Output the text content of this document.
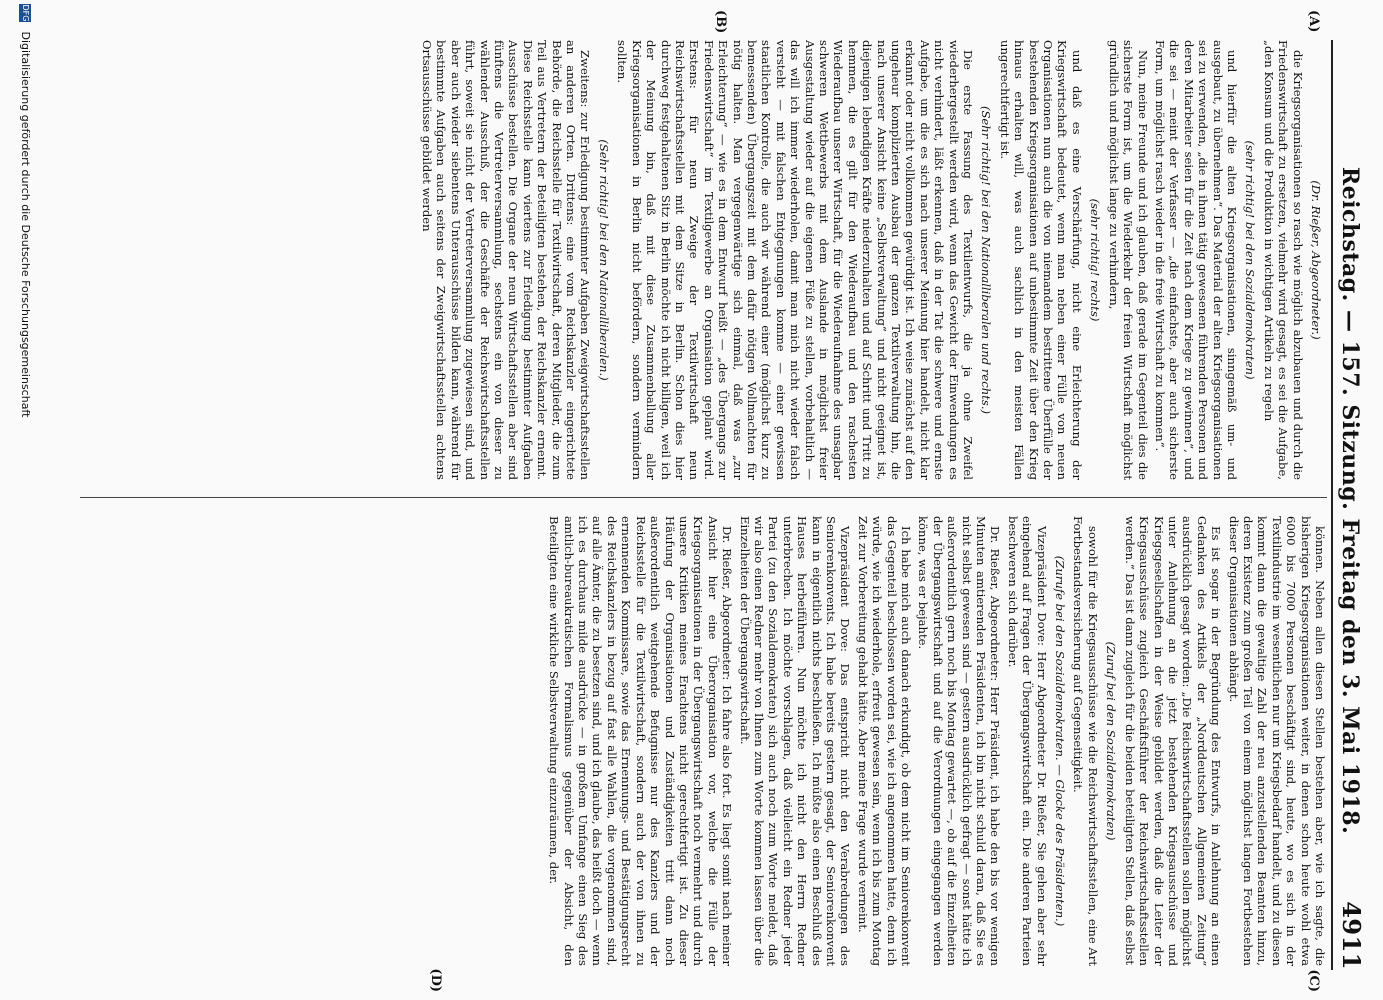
Reichstag. — 157. Sitzung. Freitag den 3. Mai 1918.
4911
(A)
(B)
(C)
(D)

(Dr. Rießer, Abgeordneter.)

die Kriegsorganisationen so rasch wie möglich abzubauen und durch die Friedenswirtschaft zu ersetzen, vielmehr wird gesagt, es sei die Aufgabe, „den Konsum und die Produktion in wichtigen Artikeln zu regeln

(sehr richtig! bei den Sozialdemokraten)

und hierfür die alten Kriegsorganisationen, sinngemäß um- und ausgebaut, zu übernehmen“. Das Material der alten Kriegsorganisationen sei zu verwenden, „die in ihnen tätig gewesenen führenden Personen und deren Mitarbeiter seien für die Zeit nach dem Kriege zu gewinnen“, und die sei — meint der Verfasser — „die einfachste, aber auch sicherste Form, um möglichst rasch wieder in die freie Wirtschaft zu kommen“.

Nun, meine Freunde und ich glauben, daß gerade im Gegenteil dies die sicherste Form ist, um die Wiederkehr der freien Wirtschaft möglichst gründlich und möglichst lange zu verhindern,

(sehr richtig! rechts)

und daß es eine Verschärfung, nicht eine Erleichterung der Kriegswirtschaft bedeutet, wenn man neben einer Fülle von neuen Organisationen nun auch die von niemandem bestrittene Überfülle der bestehenden Kriegsorganisationen auf unbestimmte Zeit über den Krieg hinaus erhalten will, was auch sachlich in den meisten Fällen ungerechtfertigt ist.

(Sehr richtig! bei den Nationalliberalen und rechts.)

Die erste Fassung des Textilentwurfs, die ja ohne Zweifel wiederhergestellt werden wird, wenn das Gewicht der Einwendungen es nicht verhindert, läßt erkennen, daß in der Tat die schwere und ernste Aufgabe, um die es sich nach unserer Meinung hier handelt, nicht klar erkannt oder nicht vollkommen gewürdigt ist. Ich weise zunächst auf den ungeheur komplizierten Ausbau der ganzen Textilverwaltung hin, die nach unserer Ansicht keine „Selbstverwaltung“ und nicht geeignet ist, diejenigen lebendigen Kräfte niederzuhalten und auf Schritt und Tritt zu hemmen, die es gilt für den Wiederaufbau und den raschesten Wiederaufbau unserer Wirtschaft, für die Wiederaufnahme des unsagbar schweren Wettbewerbs mit dem Auslande in möglichst freier Ausgestaltung wieder auf die eigenen Füße zu stellen, vorbehaltlich — das will ich immer wiederholen, damit man mich nicht wieder falsch versteht — mit falschen Entgegnungen komme — einer gewissen staatlichen Kontrolle, die auch wir während einer (möglichst kurz zu bemessenden) Übergangszeit mit dem dafür nötigen Vollmachten für nötig halten. Man vergegenwärtige sich einmal, daß was „zur Erleichterung“ — wie es in dem Entwurf heißt — „des Übergangs zur Friedenswirtschaft“ im Textilgewerbe an Organisation geplant wird. Erstens: für neun Zweige der Textilwirtschaft neun Reichswirtschaftsstellen mit dem Sitze in Berlin. Schon dies hier durchweg festgehaltenen Sitz in Berlin möchte ich nicht billigen, weil ich der Meinung bin, daß mit diese Zusammenballung aller Kriegsorganisationen in Berlin nicht befördern, sondern vermindern sollten.

(Sehr richtig! bei den Nationalliberalen.)

Zweitens: zur Erledigung bestimmter Aufgaben Zweigwirtschaftsstellen an anderen Orten. Drittens: eine vom Reichskanzler eingerichtete Behörde, die Reichsstelle für Textilwirtschaft, deren Mitglieder, die zum Teil aus Vertretern der Beteiligten bestehen, der Reichskanzler ernennt. Diese Reichsstelle kann viertens zur Erledigung bestimmter Aufgaben Ausschüsse bestellen. Die Organe der neun Wirtschaftsstellen aber sind fünftens die Vertreterversammlung, sechstens ein von dieser zu wählender Ausschuß, der die Geschäfte der Reichswirtschaftsstellen führt, soweit sie nicht der Vertreterversammlung zugewiesen sind, und aber auch wieder siebentens Unterausschüsse bilden kann, während für bestimmte Aufgaben auch seitens der Zweigwirtschaftsstellen achtens Ortsausschüsse gebildet werden

können. Neben allen diesen Stellen bestehen aber, wie ich sagte, die bisherigen Kriegsorganisationen weiter, in denen schon heute wohl etwa 6000 bis 7000 Personen beschäftigt sind, heute, wo es sich in der Textilindustrie im wesentlichen nur um Kriegsbedarf handelt, und zu diesen kommt dann die gewaltige Zahl der neu anzustellenden Beamten hinzu, deren Existenz zum großen Teil von einem möglichst langen Fortbestehen dieser Organisationen abhängt.

Es ist sogar in der Begründung des Entwurfs, in Anlehnung an einen Gedanken des Artikels der „Norddeutschen Allgemeinen Zeitung“ ausdrücklich gesagt worden: „Die Reichswirtschaftsstellen sollen möglichst unter Anlehnung an die jetzt bestehenden Kriegsausschüsse und Kriegsgesellschaften in der Weise gebildet werden, daß die Leiter der Kriegsausschüsse zugleich Geschäftsführer der Reichswirtschaftsstellen werden.“ Das ist dann zugleich für die beiden beteiligten Stellen, daß selbst

(Zuruf bei den Sozialdemokraten)

sowohl für die Kriegsausschüsse wie die Reichswirtschaftsstellen, eine Art Fortbestandsversicherung auf Gegenseitigkeit.

(Zurufe bei den Sozialdemokraten. — Glocke des Präsidenten.)

Vizepräsident Dove: Herr Abgeordneter Dr. Rießer, Sie gehen aber sehr eingehend auf Fragen der Übergangswirtschaft ein. Die anderen Parteien beschweren sich darüber.

Dr. Rießer, Abgeordneter: Herr Präsident, ich habe den bis vor wenigen Minuten amtierenden Präsidenten, ich bin nicht schuld daran, daß Sie es nicht selbst gewesen sind — gestern ausdrücklich gefragt — sonst hätte ich außerordentlich gern noch bis Montag gewartet —, ob auf die Einzelheiten der Übergangswirtschaft und auf die Verordnungen eingegangen werden könne, was er bejahte.

Ich habe mich auch danach erkundigt, ob dem nicht im Seniorenkonvent das Gegenteil beschlossen worden sei, wie ich angenommen hatte, denn ich würde, wie ich wiederhole, erfreut gewesen sein, wenn ich bis zum Montag Zeit zur Vorbereitung gehabt hätte. Aber meine Frage wurde verneint.

Vizepräsident Dove: Das entspricht nicht den Verabredungen des Seniorenkonvents. Ich habe bereits gestern gesagt, der Seniorenkonvent kann in eigentlich nichts beschließen. Ich müßte also einen Beschluß des Hauses herbeiführen. Nun möchte ich nicht den Herrn Redner unterbrechen. Ich möchte vorschlagen, daß vielleicht ein Redner jeder Partei (zu den Sozialdemokraten) sich auch noch zum Worte meldet, daß wir also einen Redner mehr von Ihnen zum Worte kommen lassen über die Einzelheiten der Übergangswirtschaft.

Dr. Rießer, Abgeordneter: Ich fahre also fort. Es liegt somit nach meiner Ansicht hier eine Überorganisation vor, welche die Fülle der Kriegsorganisationen in der Übergangswirtschaft noch vermehrt und durch unsere Kritiken meines Erachtens nicht gerechtfertigt ist. Zu dieser Häufung der Organisationen und Zuständigkeiten tritt dann noch außerordentlich weitgehende Befugnisse nur des Kanzlers und der Reichsstelle für die Textilwirtschaft, sondern auch der von ihnen zu ernennenden Kommissare, sowie das Ernennungs- und Bestätigungsrecht des Reichskanzlers in bezug auf fast alle Wahlen, die vorgenommen sind, auf alle Ämter, die zu besetzen sind, und ich glaube, das heißt doch — wenn ich es durchaus milde ausdrücke — in großem Umfange einen Sieg des amtlich-bureaukratischen Formalismus gegenüber der Absicht, den Beteiligten eine wirkliche Selbstverwaltung einzuräumen, der.

DFG Digitalisierung gefördert durch die Deutsche Forschungsgemeinschaft
